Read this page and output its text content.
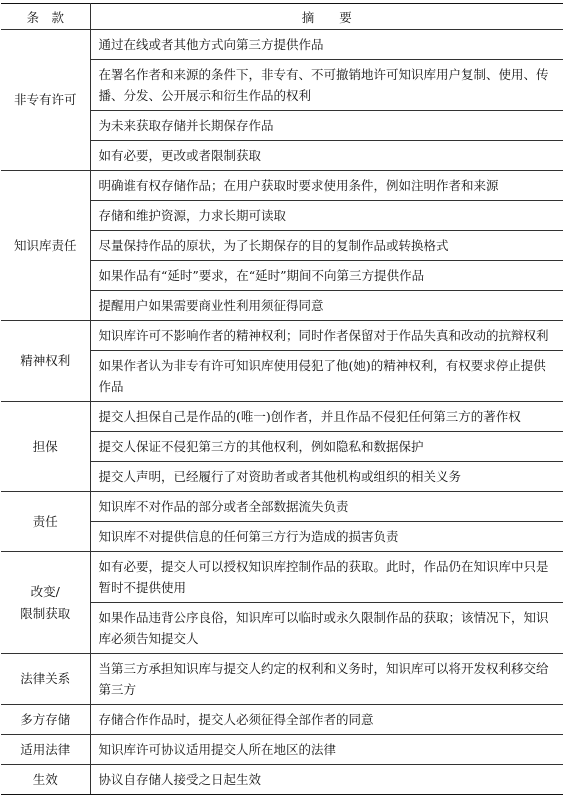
条　款	摘　　要
非专有许可	通过在线或者其他方式向第三方提供作品
	在署名作者和来源的条件下，非专有、不可撤销地许可知识库用户复制、使用、传播、分发、公开展示和衍生作品的权利
	为未来获取存储并长期保存作品
	如有必要，更改或者限制获取
知识库责任	明确谁有权存储作品；在用户获取时要求使用条件，例如注明作者和来源
	存储和维护资源，力求长期可读取
	尽量保持作品的原状，为了长期保存的目的复制作品或转换格式
	如果作品有“延时”要求，在“延时”期间不向第三方提供作品
	提醒用户如果需要商业性利用须征得同意
精神权利	知识库许可不影响作者的精神权利；同时作者保留对于作品失真和改动的抗辩权利
	如果作者认为非专有许可知识库使用侵犯了他(她)的精神权利，有权要求停止提供作品
担保	提交人担保自己是作品的(唯一)创作者，并且作品不侵犯任何第三方的著作权
	提交人保证不侵犯第三方的其他权利，例如隐私和数据保护
	提交人声明，已经履行了对资助者或者其他机构或组织的相关义务
责任	知识库不对作品的部分或者全部数据流失负责
	知识库不对提供信息的任何第三方行为造成的损害负责
改变/
限制获取	如有必要，提交人可以授权知识库控制作品的获取。此时，作品仍在知识库中只是暂时不提供使用
	如果作品违背公序良俗，知识库可以临时或永久限制作品的获取；该情况下，知识库必须告知提交人
法律关系	当第三方承担知识库与提交人约定的权利和义务时，知识库可以将开发权利移交给第三方
多方存储	存储合作作品时，提交人必须征得全部作者的同意
适用法律	知识库许可协议适用提交人所在地区的法律
生效	协议自存储人接受之日起生效
